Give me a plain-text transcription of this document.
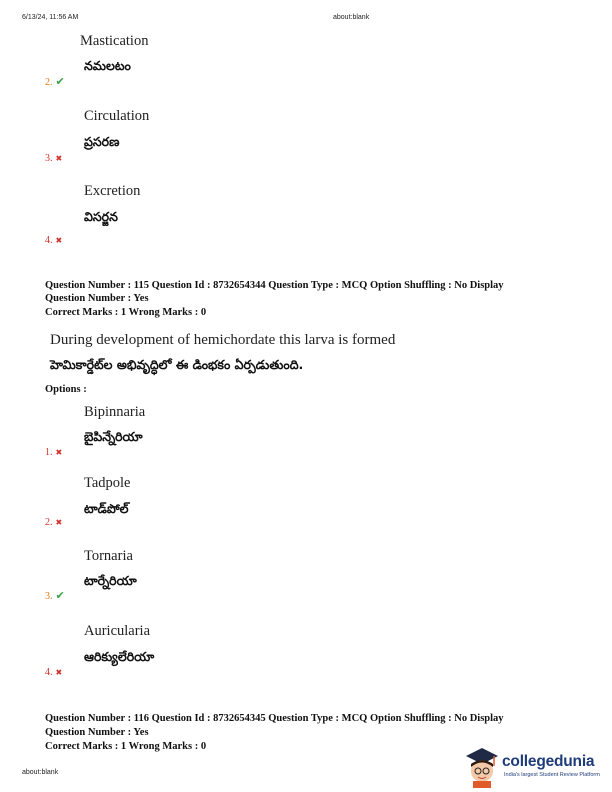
6/13/24, 11:56 AM	about:blank
Mastication
నమలటం
2. ✔
Circulation
ప్రసరణ
3. ✖
Excretion
విసర్జన
4. ✖
Question Number : 115 Question Id : 8732654344 Question Type : MCQ Option Shuffling : No Display
Question Number : Yes
Correct Marks : 1 Wrong Marks : 0
During development of hemichordate this larva is formed
హెమికార్డేట్‌ల అభివృద్ధిలో ఈ డింభకం ఏర్పడుతుంది.
Options :
Bipinnaria
బైపిన్నేరియా
1. ✖
Tadpole
టాడ్‌పోల్
2. ✖
Tornaria
టార్నేరియా
3. ✔
Auricularia
ఆరిక్యులేరియా
4. ✖
Question Number : 116 Question Id : 8732654345 Question Type : MCQ Option Shuffling : No Display
Question Number : Yes
Correct Marks : 1 Wrong Marks : 0
about:blank
collegedunia
India's largest Student Review Platform
